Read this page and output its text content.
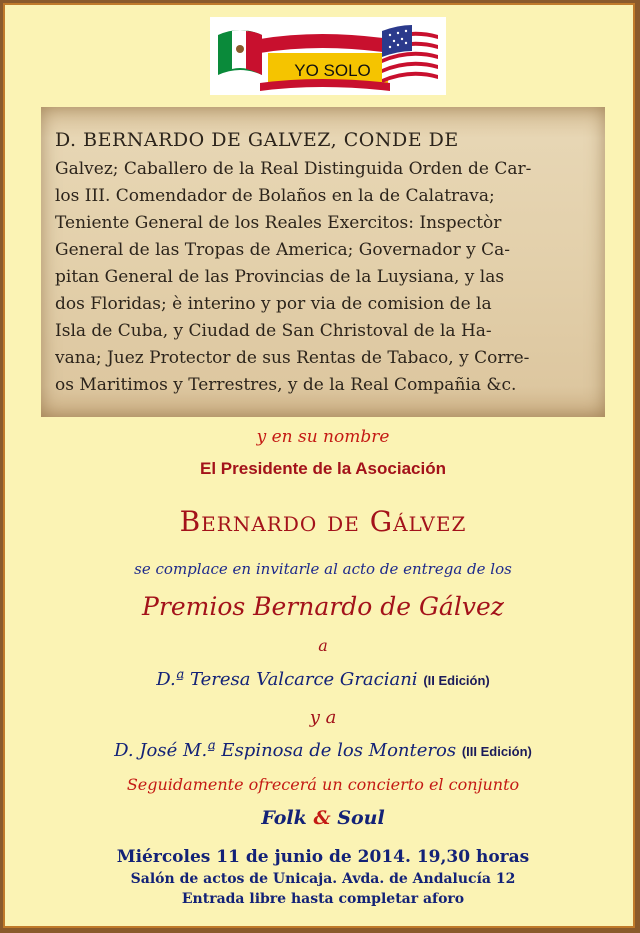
YO SOLO
D. BERNARDO DE GALVEZ, CONDE DE
Galvez; Caballero de la Real Distinguida Orden de Car-
los III. Comendador de Bolaños en la de Calatrava;
Teniente General de los Reales Exercitos: Inspectòr
General de las Tropas de America; Governador y Ca-
pitan General de las Provincias de la Luysiana, y las
dos Floridas; è interino y por via de comision de la
Isla de Cuba, y Ciudad de San Christoval de la Ha-
vana; Juez Protector de sus Rentas de Tabaco, y Corre-
os Maritimos y Terrestres, y de la Real Compañia &c.
y en su nombre
El Presidente de la Asociación
Bernardo de Gálvez
se complace en invitarle al acto de entrega de los
Premios Bernardo de Gálvez
a
D.ª Teresa Valcarce Graciani (II Edición)
y a
D. José M.ª Espinosa de los Monteros (III Edición)
Seguidamente ofrecerá un concierto el conjunto
Folk & Soul
Miércoles 11 de junio de 2014. 19,30 horas
Salón de actos de Unicaja. Avda. de Andalucía 12
Entrada libre hasta completar aforo
